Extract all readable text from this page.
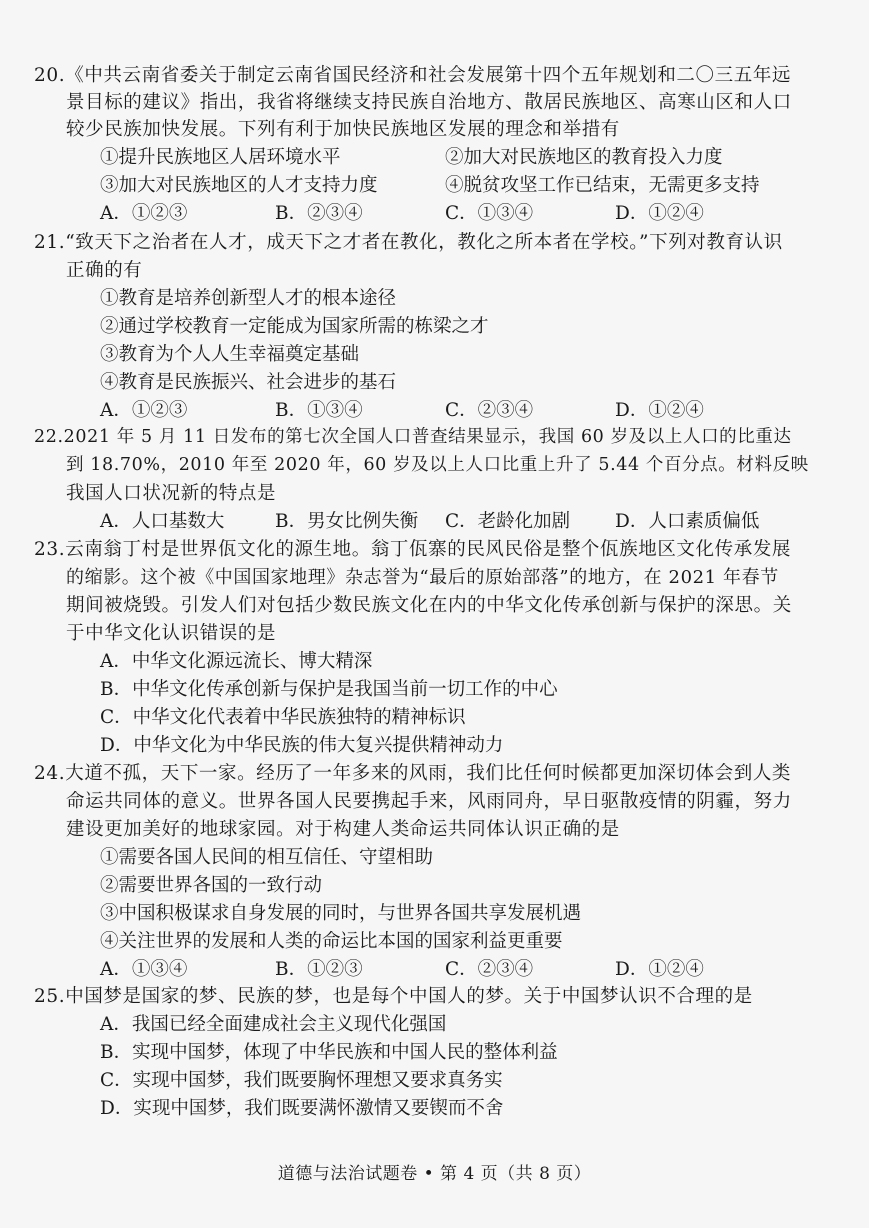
20.《中共云南省委关于制定云南省国民经济和社会发展第十四个五年规划和二〇三五年远
景目标的建议》指出，我省将继续支持民族自治地方、散居民族地区、高寒山区和人口
较少民族加快发展。下列有利于加快民族地区发展的理念和举措有
①提升民族地区人居环境水平	②加大对民族地区的教育投入力度
③加大对民族地区的人才支持力度	④脱贫攻坚工作已结束，无需更多支持
A．①②③	B．②③④	C．①③④	D．①②④
21.“致天下之治者在人才，成天下之才者在教化，教化之所本者在学校。”下列对教育认识
正确的有
①教育是培养创新型人才的根本途径
②通过学校教育一定能成为国家所需的栋梁之才
③教育为个人人生幸福奠定基础
④教育是民族振兴、社会进步的基石
A．①②③	B．①③④	C．②③④	D．①②④
22.2021 年 5 月 11 日发布的第七次全国人口普查结果显示，我国 60 岁及以上人口的比重达
到 18.70%，2010 年至 2020 年，60 岁及以上人口比重上升了 5.44 个百分点。材料反映
我国人口状况新的特点是
A．人口基数大	B．男女比例失衡 C．老龄化加剧 D．人口素质偏低
23.云南翁丁村是世界佤文化的源生地。翁丁佤寨的民风民俗是整个佤族地区文化传承发展
的缩影。这个被《中国国家地理》杂志誉为“最后的原始部落”的地方，在 2021 年春节
期间被烧毁。引发人们对包括少数民族文化在内的中华文化传承创新与保护的深思。关
于中华文化认识错误的是
A．中华文化源远流长、博大精深
B．中华文化传承创新与保护是我国当前一切工作的中心
C．中华文化代表着中华民族独特的精神标识
D．中华文化为中华民族的伟大复兴提供精神动力
24.大道不孤，天下一家。经历了一年多来的风雨，我们比任何时候都更加深切体会到人类
命运共同体的意义。世界各国人民要携起手来，风雨同舟，早日驱散疫情的阴霾，努力
建设更加美好的地球家园。对于构建人类命运共同体认识正确的是
①需要各国人民间的相互信任、守望相助
②需要世界各国的一致行动
③中国积极谋求自身发展的同时，与世界各国共享发展机遇
④关注世界的发展和人类的命运比本国的国家利益更重要
A．①③④	B．①②③	C．②③④	D．①②④
25.中国梦是国家的梦、民族的梦，也是每个中国人的梦。关于中国梦认识不合理的是
A．我国已经全面建成社会主义现代化强国
B．实现中国梦，体现了中华民族和中国人民的整体利益
C．实现中国梦，我们既要胸怀理想又要求真务实
D．实现中国梦，我们既要满怀激情又要锲而不舍
道德与法治试题卷 • 第 4 页（共 8 页）
